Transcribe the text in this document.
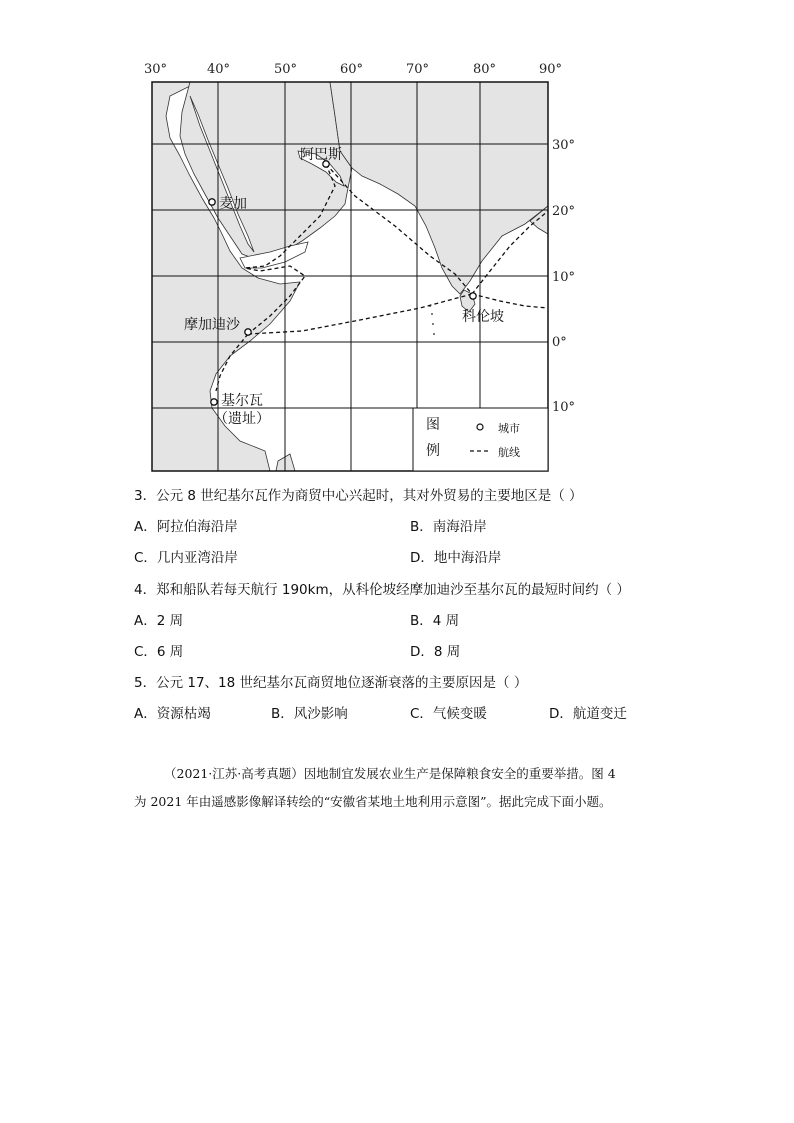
30°	40°	50°	60°	70°	80°	90°
30°
20°
10°
0°
10°
阿巴斯
麦加
摩加迪沙
基尔瓦
（遗址）
科伦坡
图
例
城市
航线
3．公元 8 世纪基尔瓦作为商贸中心兴起时，其对外贸易的主要地区是（ ）
A．阿拉伯海沿岸	B．南海沿岸
C．几内亚湾沿岸	D．地中海沿岸
4．郑和船队若每天航行 190km，从科伦坡经摩加迪沙至基尔瓦的最短时间约（ ）
A．2 周	B．4 周
C．6 周	D．8 周
5．公元 17、18 世纪基尔瓦商贸地位逐渐衰落的主要原因是（ ）
A．资源枯竭	B．风沙影响	C．气候变暖	D．航道变迁
（2021·江苏·高考真题）因地制宜发展农业生产是保障粮食安全的重要举措。图 4
为 2021 年由遥感影像解译转绘的“安徽省某地土地利用示意图”。据此完成下面小题。
